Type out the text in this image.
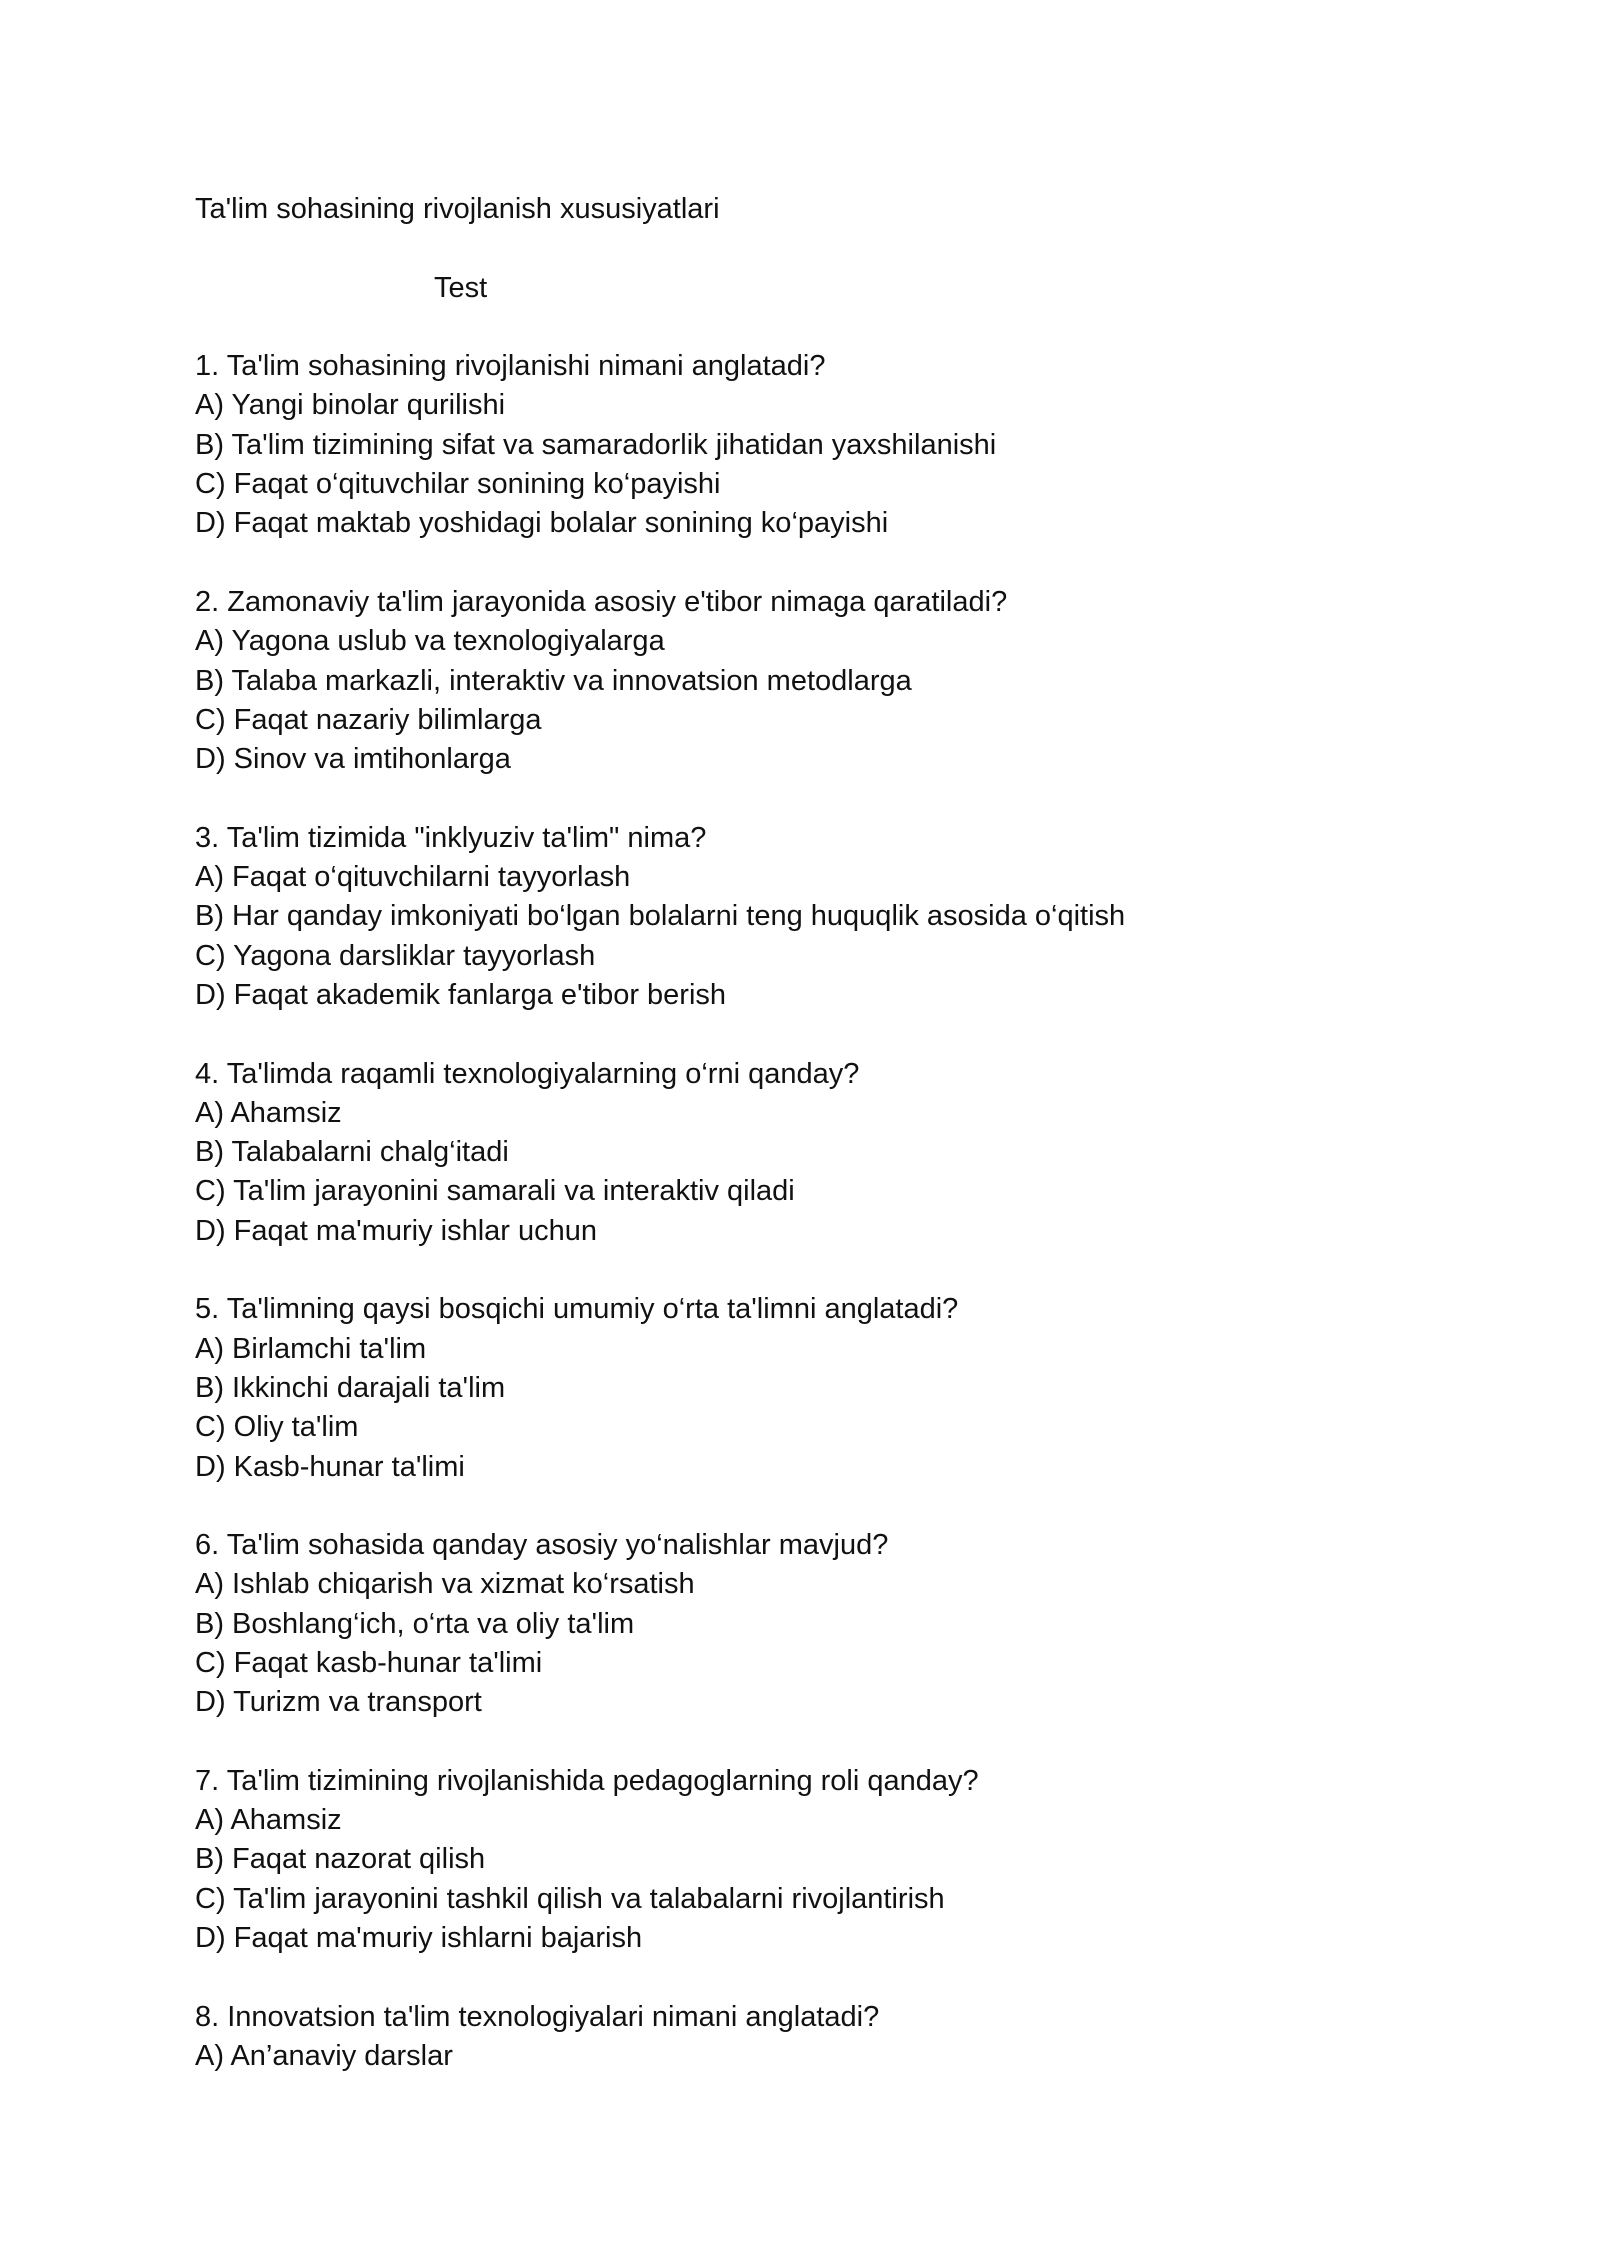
Ta'lim sohasining rivojlanish xususiyatlari
Test
1. Ta'lim sohasining rivojlanishi nimani anglatadi?
A) Yangi binolar qurilishi
B) Ta'lim tizimining sifat va samaradorlik jihatidan yaxshilanishi
C) Faqat o‘qituvchilar sonining ko‘payishi
D) Faqat maktab yoshidagi bolalar sonining ko‘payishi
2. Zamonaviy ta'lim jarayonida asosiy e'tibor nimaga qaratiladi?
A) Yagona uslub va texnologiyalarga
B) Talaba markazli, interaktiv va innovatsion metodlarga
C) Faqat nazariy bilimlarga
D) Sinov va imtihonlarga
3. Ta'lim tizimida "inklyuziv ta'lim" nima?
A) Faqat o‘qituvchilarni tayyorlash
B) Har qanday imkoniyati bo‘lgan bolalarni teng huquqlik asosida o‘qitish
C) Yagona darsliklar tayyorlash
D) Faqat akademik fanlarga e'tibor berish
4. Ta'limda raqamli texnologiyalarning o‘rni qanday?
A) Ahamsiz
B) Talabalarni chalg‘itadi
C) Ta'lim jarayonini samarali va interaktiv qiladi
D) Faqat ma'muriy ishlar uchun
5. Ta'limning qaysi bosqichi umumiy o‘rta ta'limni anglatadi?
A) Birlamchi ta'lim
B) Ikkinchi darajali ta'lim
C) Oliy ta'lim
D) Kasb-hunar ta'limi
6. Ta'lim sohasida qanday asosiy yo‘nalishlar mavjud?
A) Ishlab chiqarish va xizmat ko‘rsatish
B) Boshlang‘ich, o‘rta va oliy ta'lim
C) Faqat kasb-hunar ta'limi
D) Turizm va transport
7. Ta'lim tizimining rivojlanishida pedagoglarning roli qanday?
A) Ahamsiz
B) Faqat nazorat qilish
C) Ta'lim jarayonini tashkil qilish va talabalarni rivojlantirish
D) Faqat ma'muriy ishlarni bajarish
8. Innovatsion ta'lim texnologiyalari nimani anglatadi?
A) An’anaviy darslar
